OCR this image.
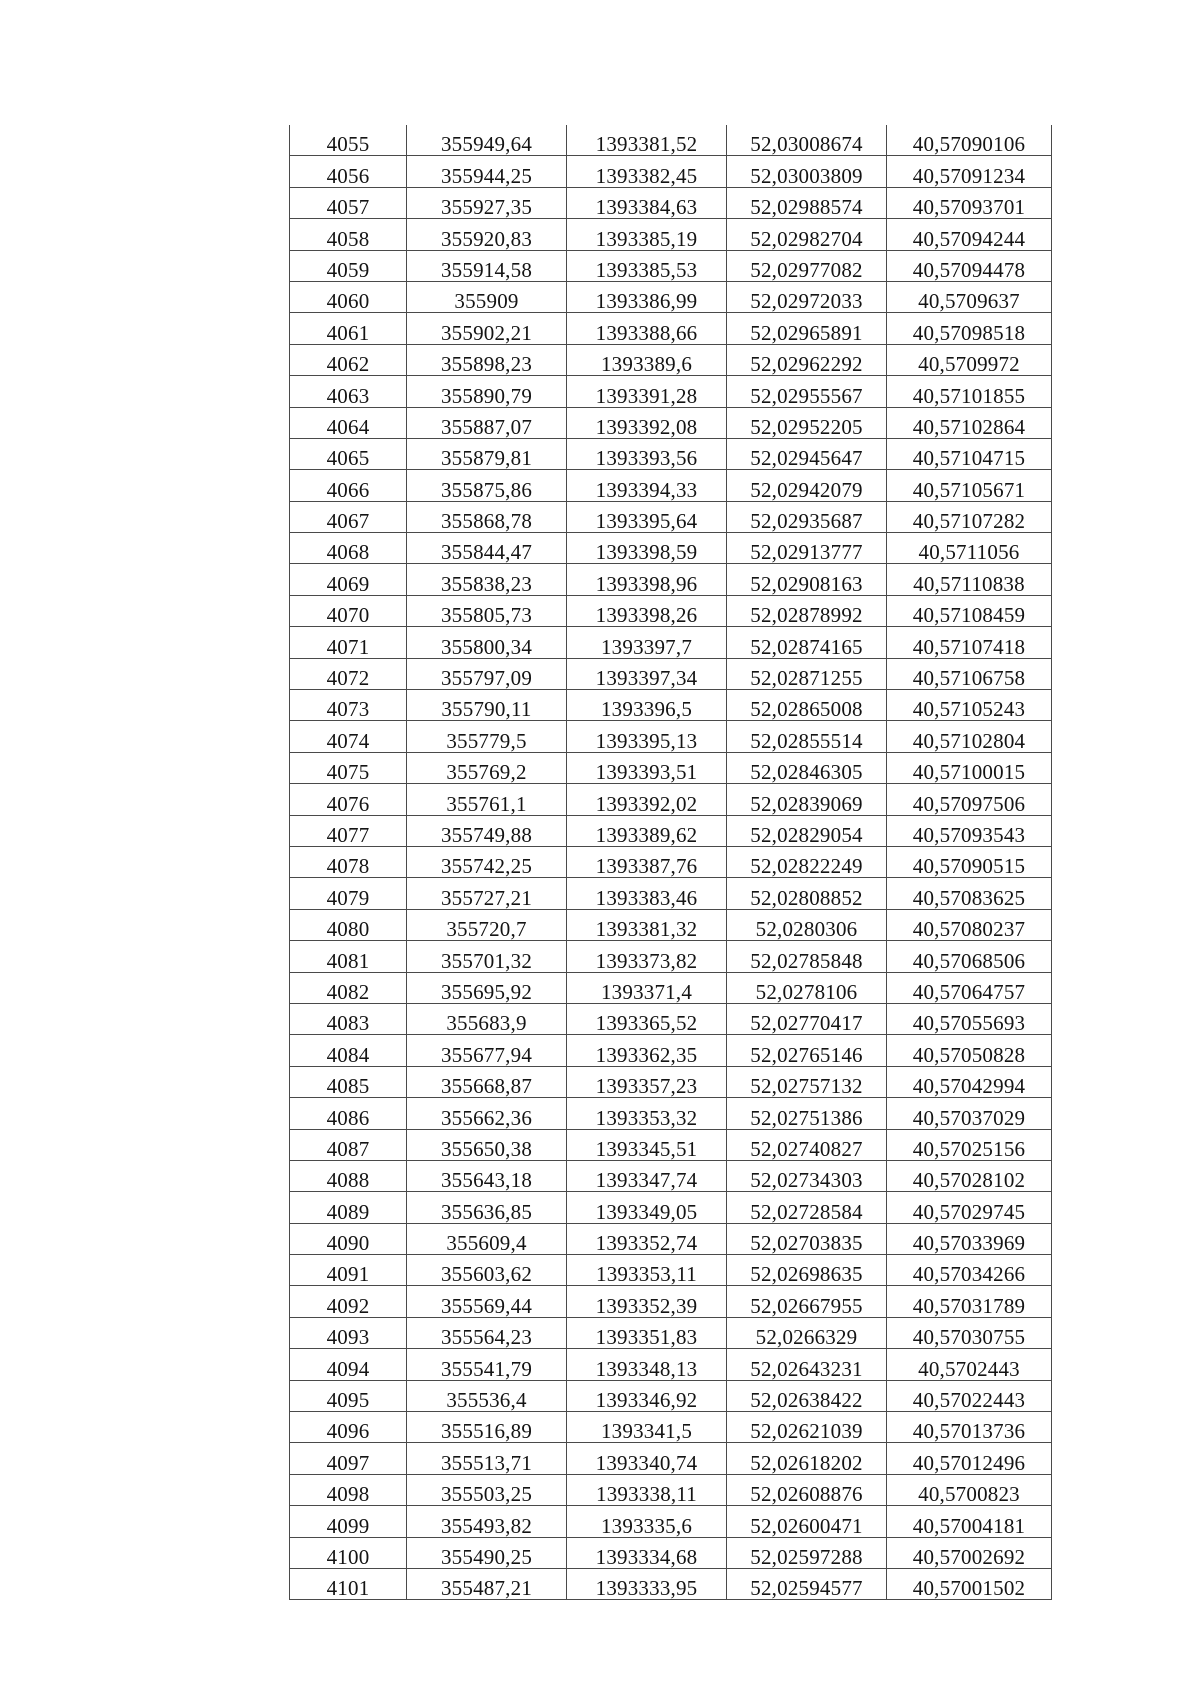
4055	355949,64	1393381,52	52,03008674	40,57090106
4056	355944,25	1393382,45	52,03003809	40,57091234
4057	355927,35	1393384,63	52,02988574	40,57093701
4058	355920,83	1393385,19	52,02982704	40,57094244
4059	355914,58	1393385,53	52,02977082	40,57094478
4060	355909	1393386,99	52,02972033	40,5709637
4061	355902,21	1393388,66	52,02965891	40,57098518
4062	355898,23	1393389,6	52,02962292	40,5709972
4063	355890,79	1393391,28	52,02955567	40,57101855
4064	355887,07	1393392,08	52,02952205	40,57102864
4065	355879,81	1393393,56	52,02945647	40,57104715
4066	355875,86	1393394,33	52,02942079	40,57105671
4067	355868,78	1393395,64	52,02935687	40,57107282
4068	355844,47	1393398,59	52,02913777	40,5711056
4069	355838,23	1393398,96	52,02908163	40,57110838
4070	355805,73	1393398,26	52,02878992	40,57108459
4071	355800,34	1393397,7	52,02874165	40,57107418
4072	355797,09	1393397,34	52,02871255	40,57106758
4073	355790,11	1393396,5	52,02865008	40,57105243
4074	355779,5	1393395,13	52,02855514	40,57102804
4075	355769,2	1393393,51	52,02846305	40,57100015
4076	355761,1	1393392,02	52,02839069	40,57097506
4077	355749,88	1393389,62	52,02829054	40,57093543
4078	355742,25	1393387,76	52,02822249	40,57090515
4079	355727,21	1393383,46	52,02808852	40,57083625
4080	355720,7	1393381,32	52,0280306	40,57080237
4081	355701,32	1393373,82	52,02785848	40,57068506
4082	355695,92	1393371,4	52,0278106	40,57064757
4083	355683,9	1393365,52	52,02770417	40,57055693
4084	355677,94	1393362,35	52,02765146	40,57050828
4085	355668,87	1393357,23	52,02757132	40,57042994
4086	355662,36	1393353,32	52,02751386	40,57037029
4087	355650,38	1393345,51	52,02740827	40,57025156
4088	355643,18	1393347,74	52,02734303	40,57028102
4089	355636,85	1393349,05	52,02728584	40,57029745
4090	355609,4	1393352,74	52,02703835	40,57033969
4091	355603,62	1393353,11	52,02698635	40,57034266
4092	355569,44	1393352,39	52,02667955	40,57031789
4093	355564,23	1393351,83	52,0266329	40,57030755
4094	355541,79	1393348,13	52,02643231	40,5702443
4095	355536,4	1393346,92	52,02638422	40,57022443
4096	355516,89	1393341,5	52,02621039	40,57013736
4097	355513,71	1393340,74	52,02618202	40,57012496
4098	355503,25	1393338,11	52,02608876	40,5700823
4099	355493,82	1393335,6	52,02600471	40,57004181
4100	355490,25	1393334,68	52,02597288	40,57002692
4101	355487,21	1393333,95	52,02594577	40,57001502
